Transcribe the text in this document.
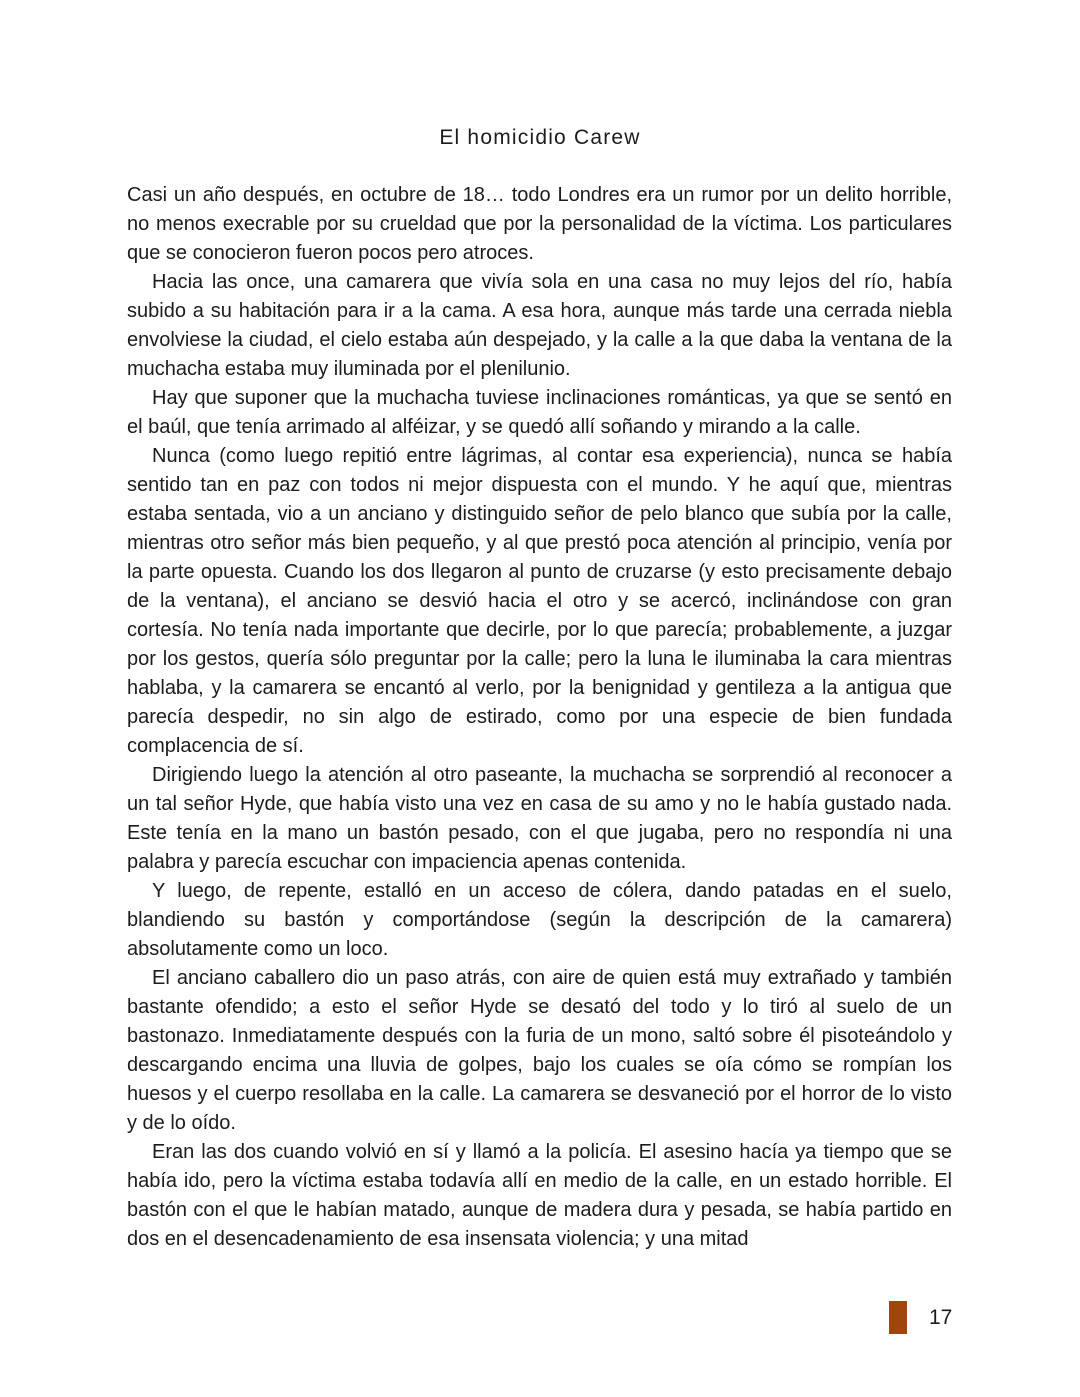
El homicidio Carew

Casi un año después, en octubre de 18… todo Londres era un rumor por un delito horrible, no menos execrable por su crueldad que por la personalidad de la víctima. Los particulares que se conocieron fueron pocos pero atroces.

Hacia las once, una camarera que vivía sola en una casa no muy lejos del río, había subido a su habitación para ir a la cama. A esa hora, aunque más tarde una cerrada niebla envolviese la ciudad, el cielo estaba aún despejado, y la calle a la que daba la ventana de la muchacha estaba muy iluminada por el plenilunio.

Hay que suponer que la muchacha tuviese inclinaciones románticas, ya que se sentó en el baúl, que tenía arrimado al alféizar, y se quedó allí soñando y mirando a la calle.

Nunca (como luego repitió entre lágrimas, al contar esa experiencia), nunca se había sentido tan en paz con todos ni mejor dispuesta con el mundo. Y he aquí que, mientras estaba sentada, vio a un anciano y distinguido señor de pelo blanco que subía por la calle, mientras otro señor más bien pequeño, y al que prestó poca atención al principio, venía por la parte opuesta. Cuando los dos llegaron al punto de cruzarse (y esto precisamente debajo de la ventana), el anciano se desvió hacia el otro y se acercó, inclinándose con gran cortesía. No tenía nada importante que decirle, por lo que parecía; probablemente, a juzgar por los gestos, quería sólo preguntar por la calle; pero la luna le iluminaba la cara mientras hablaba, y la camarera se encantó al verlo, por la benignidad y gentileza a la antigua que parecía despedir, no sin algo de estirado, como por una especie de bien fundada complacencia de sí.

Dirigiendo luego la atención al otro paseante, la muchacha se sorprendió al reconocer a un tal señor Hyde, que había visto una vez en casa de su amo y no le había gustado nada. Este tenía en la mano un bastón pesado, con el que jugaba, pero no respondía ni una palabra y parecía escuchar con impaciencia apenas contenida.

Y luego, de repente, estalló en un acceso de cólera, dando patadas en el suelo, blandiendo su bastón y comportándose (según la descripción de la camarera) absolutamente como un loco.

El anciano caballero dio un paso atrás, con aire de quien está muy extrañado y también bastante ofendido; a esto el señor Hyde se desató del todo y lo tiró al suelo de un bastonazo. Inmediatamente después con la furia de un mono, saltó sobre él pisoteándolo y descargando encima una lluvia de golpes, bajo los cuales se oía cómo se rompían los huesos y el cuerpo resollaba en la calle. La camarera se desvaneció por el horror de lo visto y de lo oído.

Eran las dos cuando volvió en sí y llamó a la policía. El asesino hacía ya tiempo que se había ido, pero la víctima estaba todavía allí en medio de la calle, en un estado horrible. El bastón con el que le habían matado, aunque de madera dura y pesada, se había partido en dos en el desencadenamiento de esa insensata violencia; y una mitad

17
